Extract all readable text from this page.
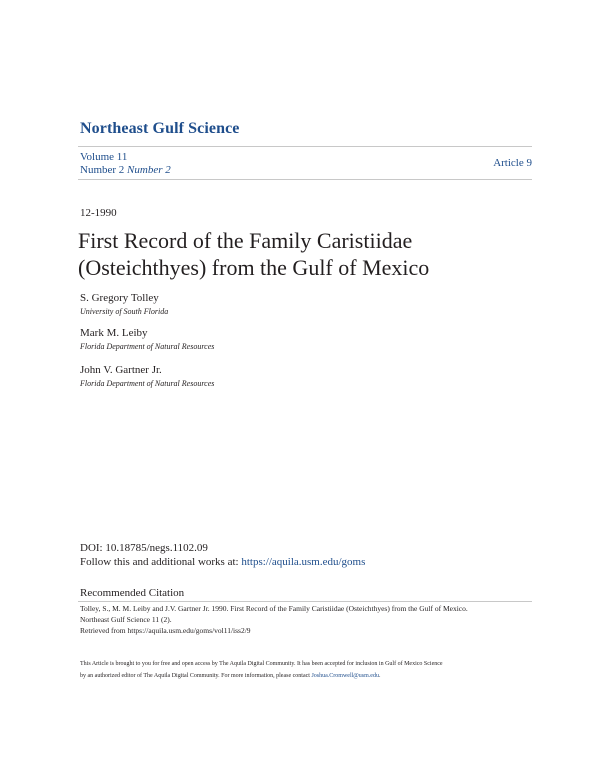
Northeast Gulf Science
Volume 11
Number 2 Number 2
Article 9
12-1990
First Record of the Family Caristiidae
(Osteichthyes) from the Gulf of Mexico
S. Gregory Tolley
University of South Florida
Mark M. Leiby
Florida Department of Natural Resources
John V. Gartner Jr.
Florida Department of Natural Resources
DOI: 10.18785/negs.1102.09
Follow this and additional works at: https://aquila.usm.edu/goms
Recommended Citation
Tolley, S., M. M. Leiby and J.V. Gartner Jr. 1990. First Record of the Family Caristiidae (Osteichthyes) from the Gulf of Mexico.
Northeast Gulf Science 11 (2).
Retrieved from https://aquila.usm.edu/goms/vol11/iss2/9
This Article is brought to you for free and open access by The Aquila Digital Community. It has been accepted for inclusion in Gulf of Mexico Science
by an authorized editor of The Aquila Digital Community. For more information, please contact Joshua.Cromwell@usm.edu.
